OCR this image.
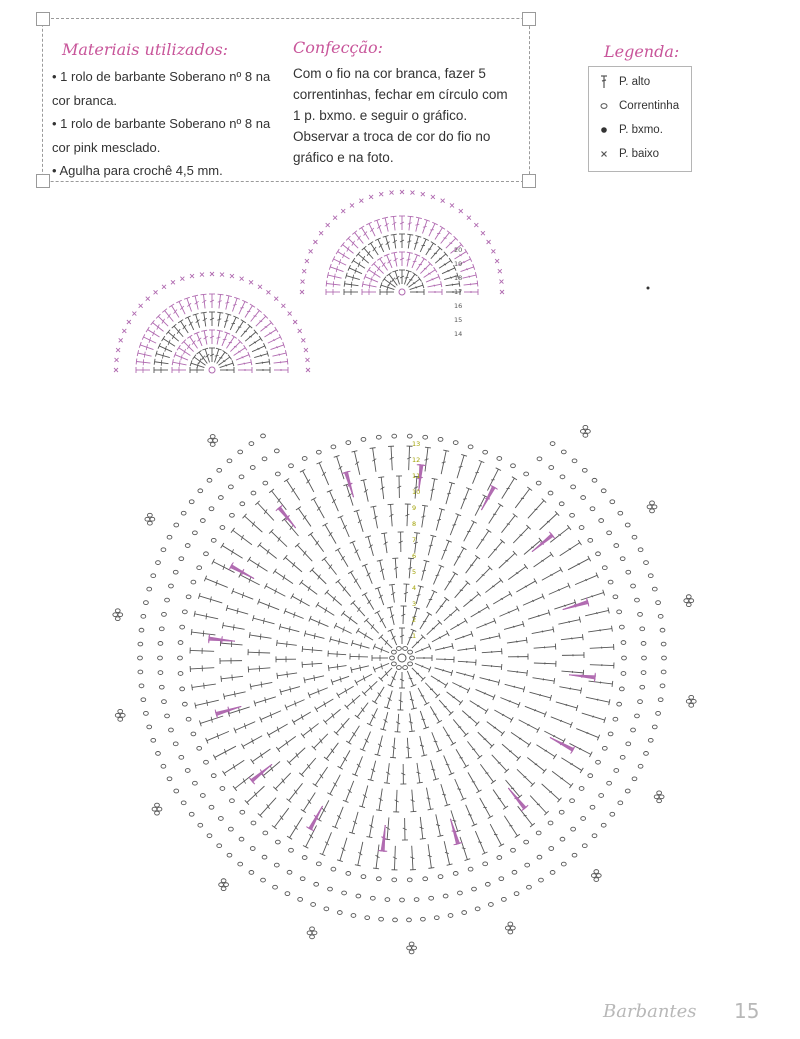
Materiais utilizados:
• 1 rolo de barbante Soberano nº 8 na cor branca.
• 1 rolo de barbante Soberano nº 8 na cor pink mesclado.
• Agulha para crochê 4,5 mm.
Confecção:
Com o fio na cor branca, fazer 5 correntinhas, fechar em círculo com 1 p. bxmo. e seguir o gráfico. Observar a troca de cor do fio no gráfico e na foto.
Legenda:
P. alto
Correntinha
P. bxmo.
P. baixo
1
2
3
4
5
6
7
8
9
10
11
12
13
14
15
16
17
18
19
20
Barbantes 15
